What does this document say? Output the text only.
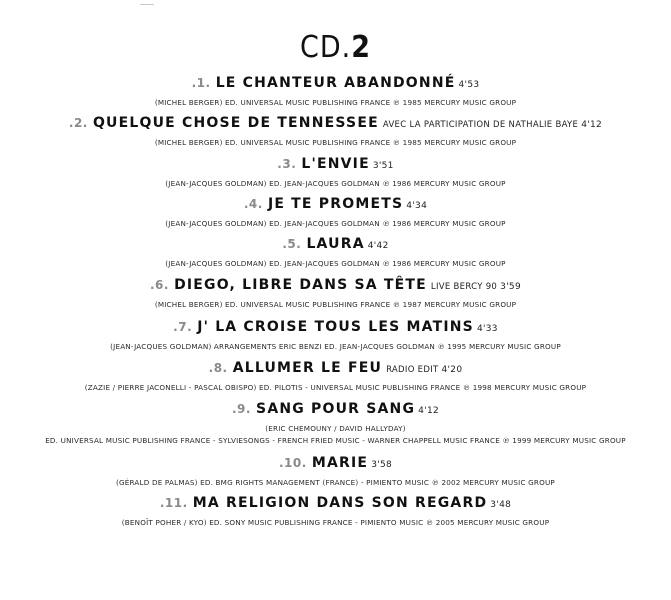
CD.2
.1. LE CHANTEUR ABANDONNÉ 4'53
(MICHEL BERGER) ED. UNIVERSAL MUSIC PUBLISHING FRANCE ℗ 1985 MERCURY MUSIC GROUP
.2. QUELQUE CHOSE DE TENNESSEE AVEC LA PARTICIPATION DE NATHALIE BAYE 4'12
(MICHEL BERGER) ED. UNIVERSAL MUSIC PUBLISHING FRANCE ℗ 1985 MERCURY MUSIC GROUP
.3. L'ENVIE 3'51
(JEAN-JACQUES GOLDMAN) ED. JEAN-JACQUES GOLDMAN ℗ 1986 MERCURY MUSIC GROUP
.4. JE TE PROMETS 4'34
(JEAN-JACQUES GOLDMAN) ED. JEAN-JACQUES GOLDMAN ℗ 1986 MERCURY MUSIC GROUP
.5. LAURA 4'42
(JEAN-JACQUES GOLDMAN) ED. JEAN-JACQUES GOLDMAN ℗ 1986 MERCURY MUSIC GROUP
.6. DIEGO, LIBRE DANS SA TÊTE LIVE BERCY 90 3'59
(MICHEL BERGER) ED. UNIVERSAL MUSIC PUBLISHING FRANCE ℗ 1987 MERCURY MUSIC GROUP
.7. J' LA CROISE TOUS LES MATINS 4'33
(JEAN-JACQUES GOLDMAN) ARRANGEMENTS ERIC BENZI ED. JEAN-JACQUES GOLDMAN ℗ 1995 MERCURY MUSIC GROUP
.8. ALLUMER LE FEU RADIO EDIT 4'20
(ZAZIE / PIERRE JACONELLI - PASCAL OBISPO) ED. PILOTIS - UNIVERSAL MUSIC PUBLISHING FRANCE ℗ 1998 MERCURY MUSIC GROUP
.9. SANG POUR SANG 4'12
(ERIC CHEMOUNY / DAVID HALLYDAY)
ED. UNIVERSAL MUSIC PUBLISHING FRANCE - SYLVIESONGS - FRENCH FRIED MUSIC - WARNER CHAPPELL MUSIC FRANCE ℗ 1999 MERCURY MUSIC GROUP
.10. MARIE 3'58
(GÉRALD DE PALMAS) ED. BMG RIGHTS MANAGEMENT (FRANCE) - PIMIENTO MUSIC ℗ 2002 MERCURY MUSIC GROUP
.11. MA RELIGION DANS SON REGARD 3'48
(BENOÎT POHER / KYO) ED. SONY MUSIC PUBLISHING FRANCE - PIMIENTO MUSIC ℗ 2005 MERCURY MUSIC GROUP
